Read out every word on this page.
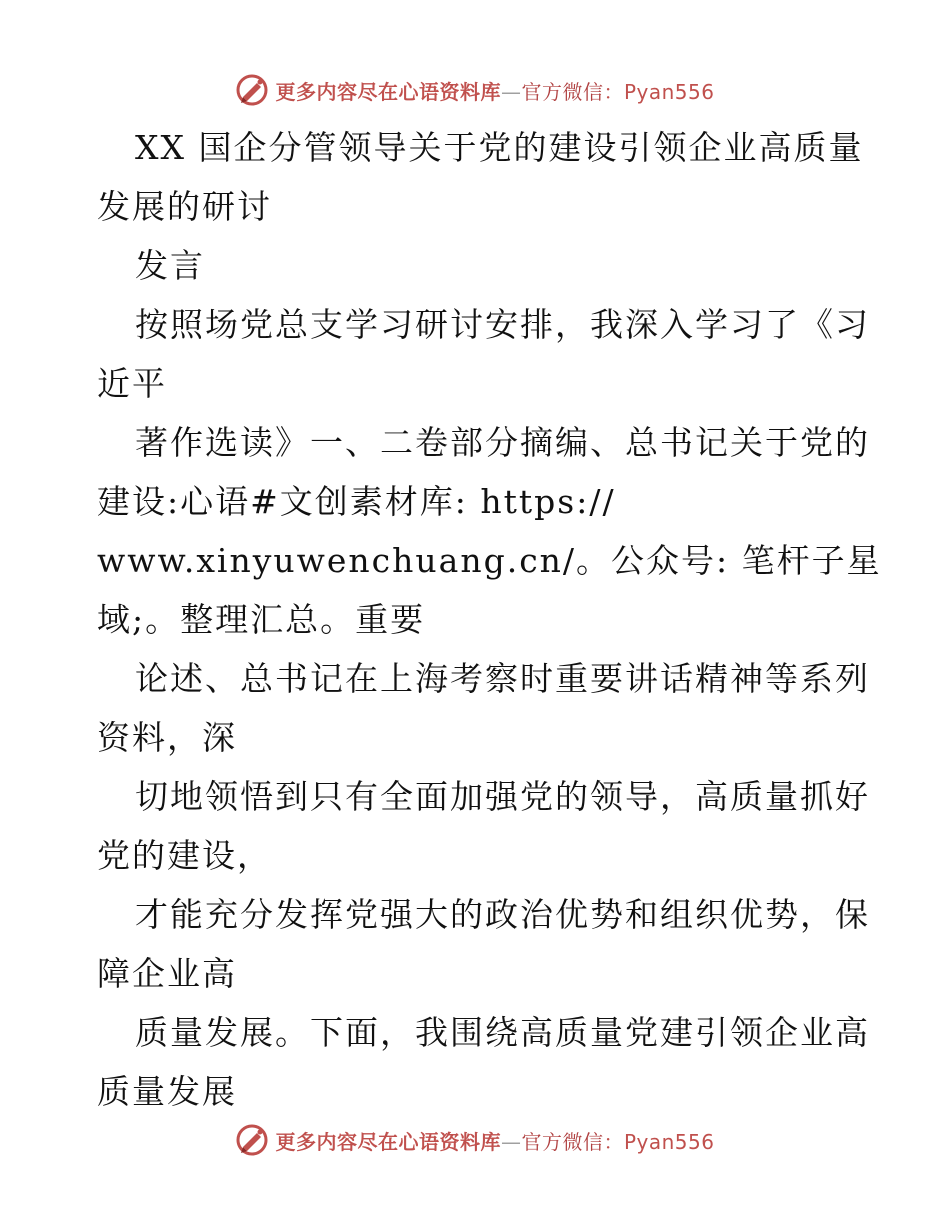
更多内容尽在心语资料库—官方微信：Pyan556
XX 国企分管领导关于党的建设引领企业高质量
发展的研讨
发言
按照场党总支学习研讨安排，我深入学习了《习
近平
著作选读》一、二卷部分摘编、总书记关于党的
建设:心语#文创素材库: https://
www.xinyuwenchuang.cn/。公众号: 笔杆子星
域;。整理汇总。重要
论述、总书记在上海考察时重要讲话精神等系列
资料，深
切地领悟到只有全面加强党的领导，高质量抓好
党的建设，
才能充分发挥党强大的政治优势和组织优势，保
障企业高
质量发展。下面，我围绕高质量党建引领企业高
质量发展
更多内容尽在心语资料库—官方微信：Pyan556
